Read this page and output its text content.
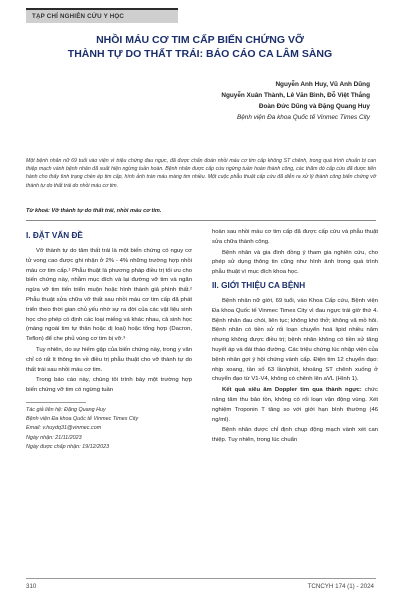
TẠP CHÍ NGHIÊN CỨU Y HỌC
NHỒI MÁU CƠ TIM CẤP BIẾN CHỨNG VỠ
THÀNH TỰ DO THẤT TRÁI: BÁO CÁO CA LÂM SÀNG
Nguyễn Anh Huy, Vũ Anh Dũng
Nguyễn Xuân Thành, Lê Văn Bình, Đỗ Việt Thắng
Đoàn Đức Dũng và Đặng Quang Huy
Bệnh viện Đa khoa Quốc tế Vinmec Times City
Một bệnh nhân nữ 69 tuổi vào viện vì triệu chứng đau ngực, đã được chẩn đoán nhồi máu cơ tim cấp không ST chênh, trong quá trình chuẩn bị can thiệp mạch vành bệnh nhân đã xuất hiện ngừng tuần hoàn. Bệnh nhân được cấp cứu ngừng tuần hoàn thành công, các thăm dò cấp cứu đã được tiến hành cho thấy tình trạng chèn ép tim cấp, hình ảnh tràn máu màng tim nhiều. Một cuộc phẫu thuật cấp cứu đã diễn ra xử lý thành công biến chứng vỡ thành tự do thất trái do nhồi máu cơ tim.
Từ khoá: Vỡ thành tự do thất trái, nhồi máu cơ tim.
I. ĐẶT VẤN ĐỀ

Vỡ thành tự do tâm thất trái là một biến chứng có nguy cơ tử vong cao được ghi nhận ở 2% - 4% những trường hợp nhồi máu cơ tim cấp.¹ Phẫu thuật là phương pháp điều trị tối ưu cho biến chứng này, nhằm mục đích và lại đường vỡ tim và ngăn ngừa vỡ tim tiến triển muộn hoặc hình thành giả phình thất.² Phẫu thuật sửa chữa vỡ thất sau nhồi máu cơ tim cấp đã phát triển theo thời gian chủ yếu nhờ sự ra đời của các vật liệu sinh học cho phép có định các loại miếng vá khác nhau, cả sinh học (màng ngoài tim tự thân hoặc dị loại) hoặc tổng hợp (Dacron, Teflon) để che phủ vùng cơ tim bị vỡ.³

Tuy nhiên, do sự hiếm gặp của biến chứng này, trong y văn chỉ có rất ít thông tin về điều trị phẫu thuật cho vỡ thành tự do thất trái sau nhồi máu cơ tim.

Trong báo cáo này, chúng tôi trình bày một trường hợp biến chứng vỡ tim có ngừng tuần

Tác giả liên hệ: Đặng Quang Huy
Bệnh viện Đa khoa Quốc tế Vinmec Times City
Email: v.huydq31@vinmec.com
Ngày nhận: 21/11/2023
Ngày được chấp nhận: 19/12/2023

hoàn sau nhồi máu cơ tim cấp đã được cấp cứu và phẫu thuật sửa chữa thành công.

Bệnh nhân và gia đình đồng ý tham gia nghiên cứu, cho phép sử dụng thông tin cũng như hình ảnh trong quá trình phẫu thuật vì mục đích khoa học.

II. GIỚI THIỆU CA BỆNH

Bệnh nhân nữ giới, 69 tuổi, vào Khoa Cấp cứu, Bệnh viện Đa khoa Quốc tế Vinmec Times City vì đau ngực trái giờ thứ 4. Bệnh nhân đau chói, liên tục; không khó thở; không vã mồ hôi. Bệnh nhân có tiền sử rối loạn chuyển hoá lipid nhiều năm nhưng không được điều trị; bệnh nhân không có tiền sử tăng huyết áp và đái tháo đường. Các triệu chứng lúc nhập viện của bệnh nhân gợi ý hội chứng vành cấp. Điện tim 12 chuyển đạo: nhịp xoang, tần số 63 lần/phút, khoảng ST chênh xuống ở chuyển đạo từ V1-V4, không có chênh lên aVL (Hình 1).

Kết quả siêu âm Doppler tim qua thành ngực: chức năng tâm thu bảo tồn, không có rối loạn vận động vùng. Xét nghiệm Troponin T tăng so với giới hạn bình thường (46 ng/ml).

Bệnh nhân được chỉ định chụp động mạch vành xét can thiệp. Tuy nhiên, trong lúc chuẩn

310	TCNCYH 174 (1) - 2024
